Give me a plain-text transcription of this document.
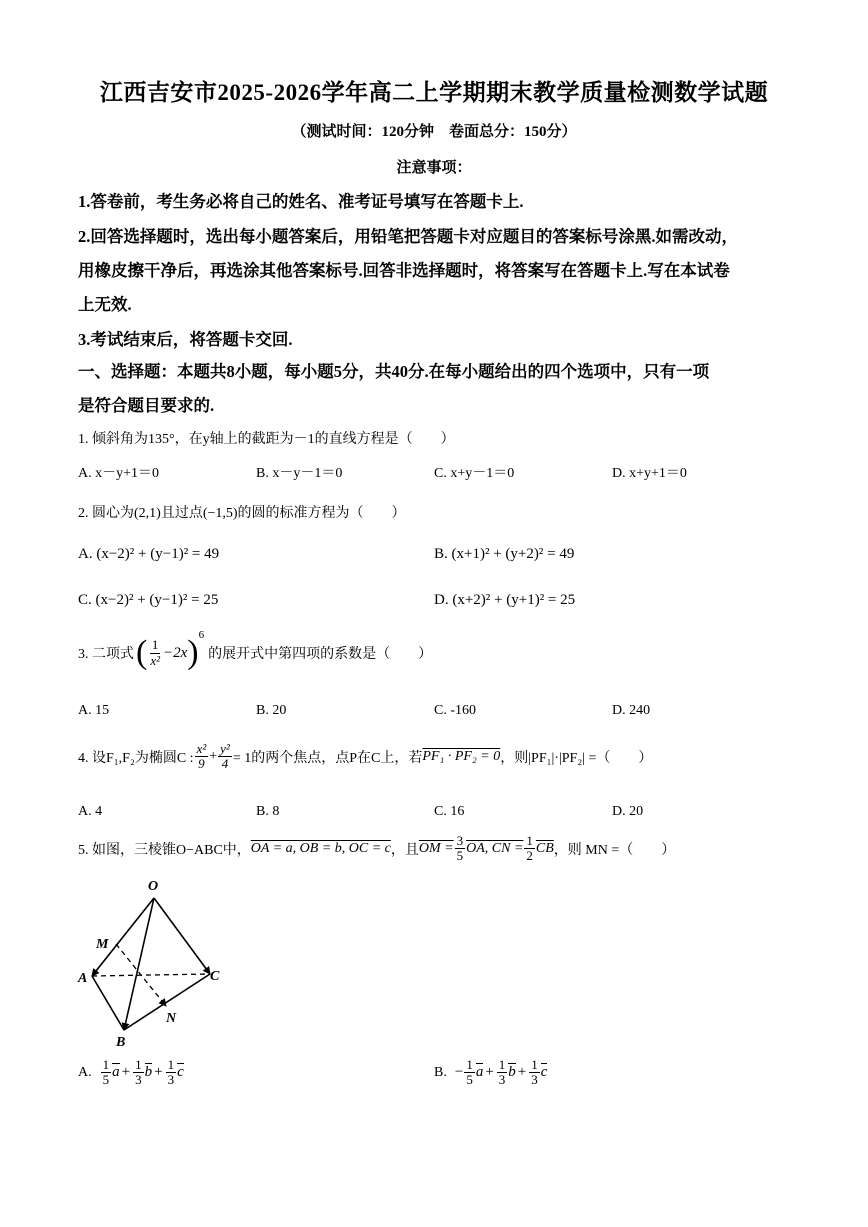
江西吉安市2025-2026学年高二上学期期末教学质量检测数学试题
（测试时间：120分钟　卷面总分：150分）
注意事项：
1.答卷前，考生务必将自己的姓名、准考证号填写在答题卡上.
2.回答选择题时，选出每小题答案后，用铅笔把答题卡对应题目的答案标号涂黑.如需改动，
用橡皮擦干净后，再选涂其他答案标号.回答非选择题时，将答案写在答题卡上.写在本试卷
上无效.
3.考试结束后，将答题卡交回.
一、选择题：本题共8小题，每小题5分，共40分.在每小题给出的四个选项中，只有一项
是符合题目要求的.
1. 倾斜角为135°，在y轴上的截距为－1的直线方程是（　　）
A. x－y+1＝0	B. x－y－1＝0	C. x+y－1＝0	D. x+y+1＝0
2. 圆心为(2,1)且过点(−1,5)的圆的标准方程为（　　）
A. (x−2)² + (y−1)² = 49	B. (x+1)² + (y+2)² = 49
C. (x−2)² + (y−1)² = 25	D. (x+2)² + (y+1)² = 25
3. 二项式 ( $\frac{1}{\text{x²}} -2x$ ) 6
的展开式中第四项的系数是（　　）
A. 15	B. 20	C. -160	D. 240
4. 设F₁,F₂为椭圆C : $\frac{\text{x²}}{9} + \frac{\text{y²}}{4} = 1$的两个焦点，点P在C上，若 PF₁ · PF₂ = 0 ，则|PF₁|·|PF₂| =（　　）
A. 4	B. 8	C. 16	D. 20
5. 如图，三棱锥O−ABC中， OA = a, OB = b, OC = c ，且 OM = $\frac{3}{5}$ OA, CN = $\frac{1}{2} \overline{CB}$ ，则 MN =（　　）
O
M
A	C
N
B
A. $\frac{1}{5}$ $a + \frac{1}{3}$ $b + \frac{1}{3}$ c	B. − $\frac{1}{5}$ $a + \frac{1}{3}$ $b + \frac{1}{3}$ c
